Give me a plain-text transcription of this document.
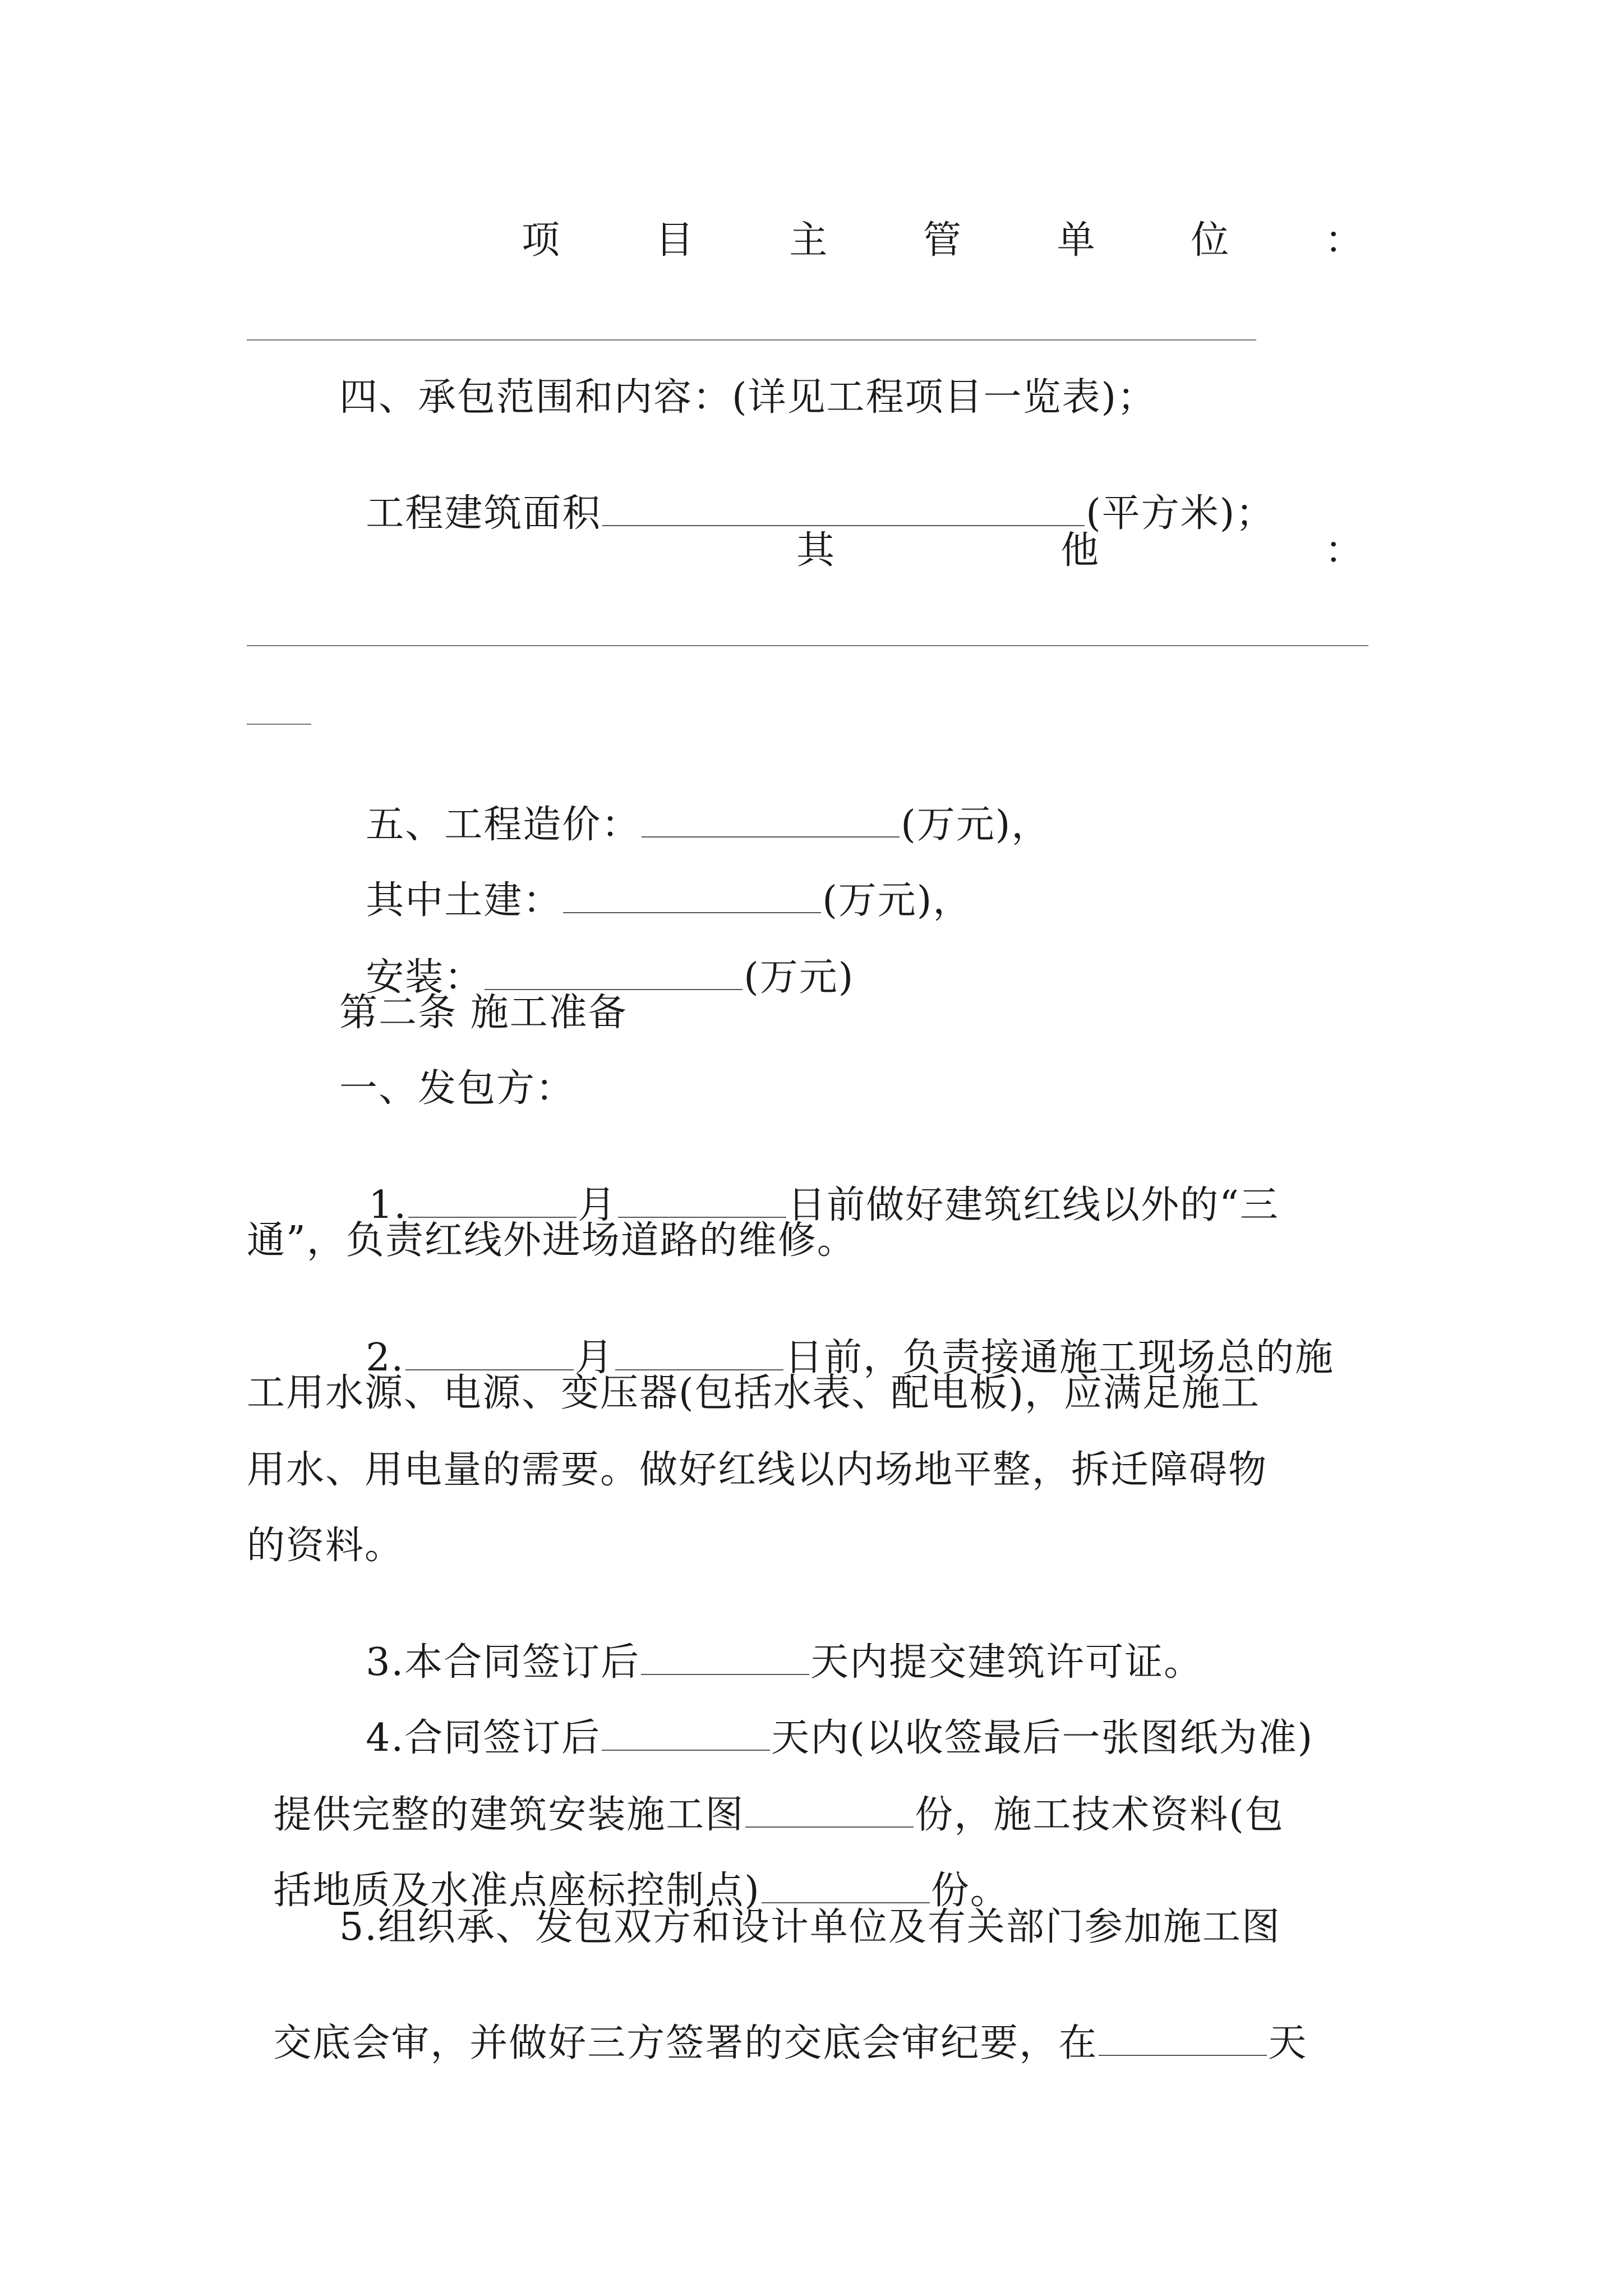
项	目	主	管	单	位	：
四、承包范围和内容：(详见工程项目一览表)；

工程建筑面积	(平方米)；

其	他	：

五、工程造价：	(万元)，

其中土建：	(万元)，

安装：	(万元)

第二条 施工准备
一、发包方：

1.	月	日前做好建筑红线以外的“三

通”，负责红线外进场道路的维修。

2.	月	日前，负责接通施工现场总的施

工用水源、电源、变压器(包括水表、配电板)，应满足施工
用水、用电量的需要。做好红线以内场地平整，拆迁障碍物
的资料。

3.本合同签订后	天内提交建筑许可证。

4.合同签订后	天内(以收签最后一张图纸为准)

提供完整的建筑安装施工图	份，施工技术资料(包

括地质及水准点座标控制点)	份。

5.组织承、发包双方和设计单位及有关部门参加施工图

交底会审，并做好三方签署的交底会审纪要，在	天
